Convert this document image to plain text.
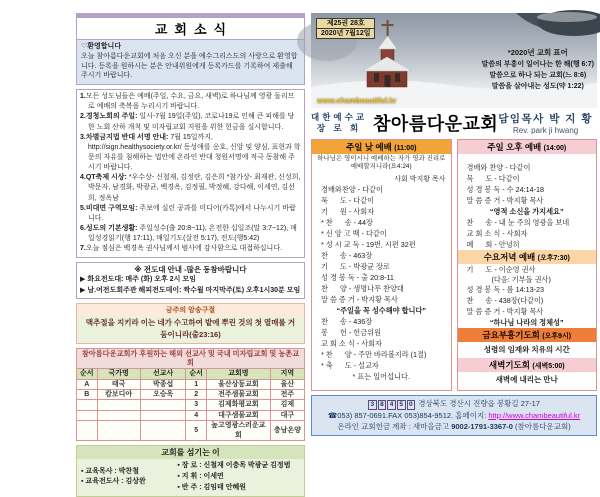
교회소식
♡환영합니다
오늘 참아름다운교회에 처음 오신 분을 예수그리스도의 사랑으로 환영합니다. 등록을 원하시는 분은 안내위원에게 등록카드를 기록하여 제출해 주시기 바랍니다.
1.모든 성도님들은 예배(주일, 수요, 금요, 새벽)로 하나님께 영광 돌리므로 예배의 축복을 누리시기 바랍니다.
2.경청노회의 주일: 일시-7월 19일(주일), 코로나19로 인해 큰 피해를 당한 노회 산하 개척 및 미자립교회 지원을 위한 헌금을 실시합니다.
3.차별금지법 반대 서명 안내: 7월 15일까지, http://sign.healthysociety.or.kr/ 동성애를 옹호, 신앙 및 양심, 표현과 학문의 자유를 침해하는 법안에 온라인 반대 청원서명에 적극 동참해 주시기 바랍니다.
4.QT축제 시상: *우수상- 신철재, 김정란, 김은희 *참가상- 최재관, 신성희, 박문자, 남경화, 박광균, 백경옥, 김정필, 박정혜, 강다해, 이세연, 김선희, 정옥남
5.비대면 구역모임: 주보에 실린 공과를 미디어(카톡)에서 나누시기 바랍니다.
6.성도의 기본생활: 주일성수(출 20:8~11), 온전한 십일조(말 3:7~12), 매일성경읽기(행 17:11), 매일기도(살전 5:17), 전도(행5:42)
7.오늘 점심은 백경옥 권사님께서 범사에 감사함으로 대접하십니다.
※ 전도대 안내 -많은 동참바랍니다
▶ 화요전도대: 매주 (화) 오후 2시 모임
▶ 남.여전도회주관 해피전도데이: 짝수월 마지막주(토) 오후1시30분 모임
금주의 암송구절
맥추절을 지키라 이는 네가 수고하여 밭에 뿌린 것의 첫 열매를 거둠이니라(출23:16)
참아름다운교회가 후원하는 해외 선교사 및 국내 미자립교회 및 농촌교회					
순서	국가명	선교사	순서	교회명	지역
A	태국	박종섭	1	울산상동교회	울산
B	캄보디아	오승욱	2	전주샘물교회	전주
			3	김제화평교회	김제
			4	대구샘물교회	대구
			5	높고영광스러운교회	충남온양
교회를 섬기는 이
▪ 교육목사 : 박찬철
▪ 교육전도사 : 김상완
▪ 장 로 : 신철재 이충목 박광균 김정범
▪ 지 휘 : 이세연
▪ 반 주 : 김임태 안혜원
제25권 28호
2020년 7월12일
www.chambeautiful.kr
*2020년 교회 표어
말씀의 부흥이 일어나는 한 해(행 6:7)
말씀으로 하나 되는 교회(느 8:6)
말씀을 살아내는 성도(약 1:22)
대한예수교
장 로 회 참아름다운교회 담임목사 박 지 황
Rev. park ji hwang
주일 낮 예배 (11:00)
하나님은 영이시니 예배하는 자가 영과 진리로 예배할지니라(요4:24)
사회 박지황 목사
경배와찬양 - 다같이
묵      도 - 다같이
기      원 - 사회자
* 찬      송 - 44장
* 신 앙 고 백 - 다같이
* 성 시 교 독 - 19번, 시편 32편
찬      송 - 463장
기      도 - 박광균 장로
성 경 봉 독 - 출 20:8-11
찬      양 - 생명나무 찬양대
말 씀 증 거 - 박지황 목사
“주일을 꼭 성수해야 합니다”
찬      송 - 436장
봉      헌 - 헌금위원
교 회 소 식 - 사회자
* 찬      양 - 주만 바라볼지라 (1절)
* 축      도 - 설교자
* 표는 일어섭니다.
주일 오후 예배 (14:00)
경배와 찬양 - 다같이
묵      도 - 다같이
성 경 봉 독 - 수 24:14-18
말 씀 증 거 - 박지황 목사
“영적 소신을 가지세요”
찬      송 - 내 눈 주의 영광을 보네
교 회 소 식 - 사회자
폐      회 - 안녕히
수요저녁 예배 (오후7:30)
기      도 - 이순영 권사
(다음: 기부돌 권사)
성 경 봉 독 - 롬 14:13-23
찬      송 - 438장(다같이)
말 씀 증 거 - 박지황 목사
“하나님 나라의 정체성”
금요부흥기도회 (오후9시)
성령의 임재와 치유의 시간
새벽기도회 (새벽5:00)
새벽에 내리는 만나
3 8 4 5 0 경상북도 경산시 진량읍 봉황길 27-17
☎053) 857-0691.FAX 053)854-9512. 홈페이지: http://www.chambeautiful.kr
온라인 교회헌금 계좌 : 새마을금고 9002-1791-3367-0 (참아름다운교회)
